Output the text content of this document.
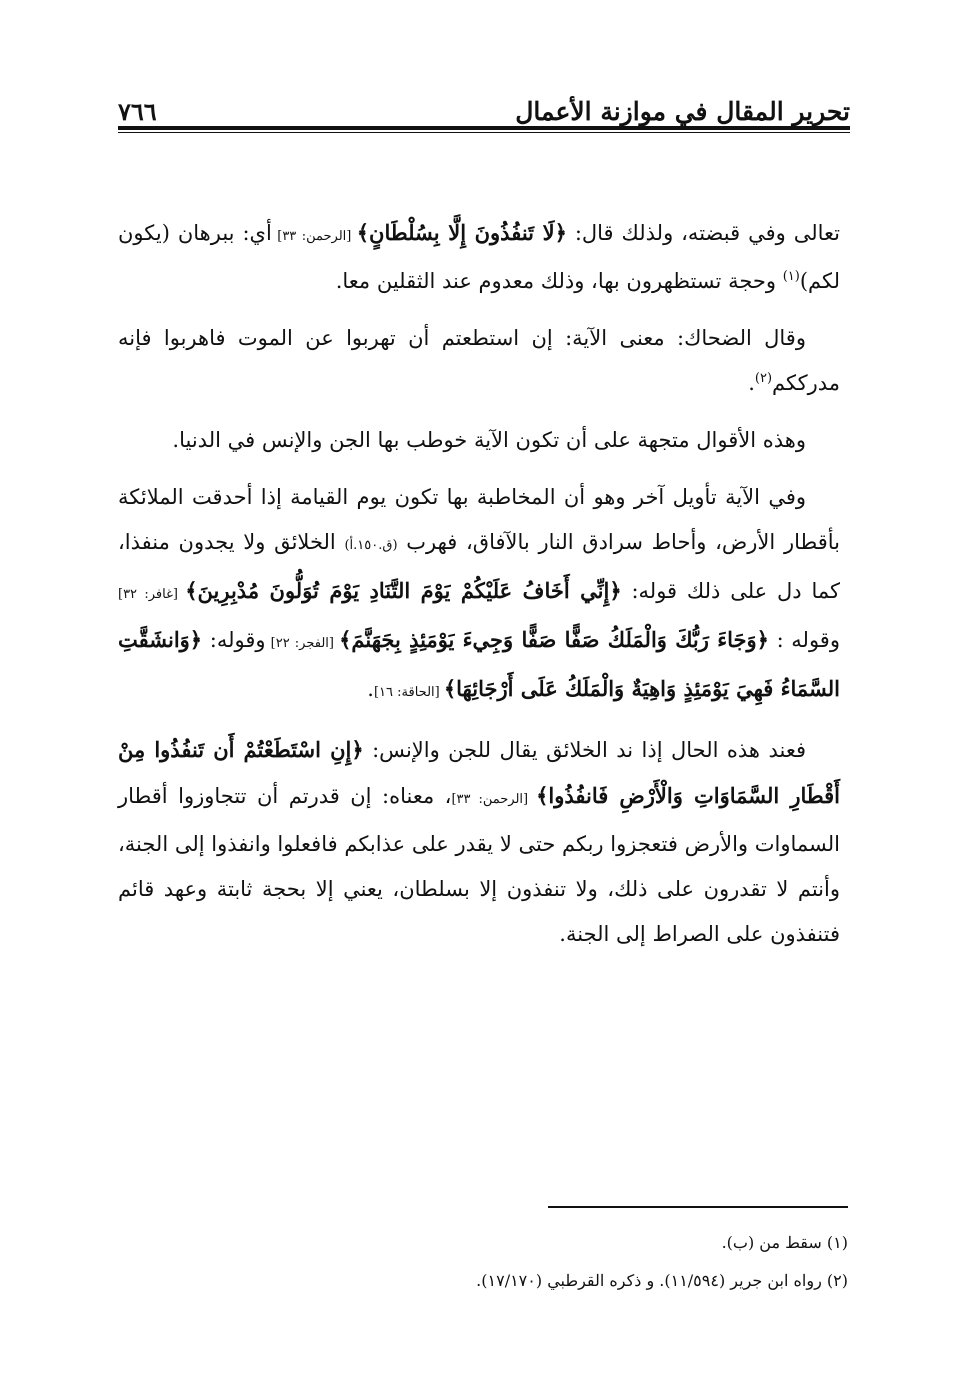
تحرير المقال في موازنة الأعمال
٧٦٦

تعالى وفي قبضته، ولذلك قال: ﴿لَا تَنفُذُونَ إِلَّا بِسُلْطَانٍ﴾ [الرحمن: ٣٣] أي: ببرهان (يكون لكم)$^{(١)}$ وحجة تستظهرون بها، وذلك معدوم عند الثقلين معا.

وقال الضحاك: معنى الآية: إن استطعتم أن تهربوا عن الموت فاهربوا فإنه مدرككم$^{(٢)}$.

وهذه الأقوال متجهة على أن تكون الآية خوطب بها الجن والإنس في الدنيا.

وفي الآية تأويل آخر وهو أن المخاطبة بها تكون يوم القيامة إذا أحدقت الملائكة بأقطار الأرض، وأحاط سرادق النار بالآفاق، فهرب (ق.١٥٠.أ) الخلائق ولا يجدون منفذا، كما دل على ذلك قوله: ﴿إِنِّي أَخَافُ عَلَيْكُمْ يَوْمَ التَّنَادِ يَوْمَ تُوَلُّونَ مُدْبِرِينَ﴾ [غافر: ٣٢] وقوله : ﴿وَجَاءَ رَبُّكَ وَالْمَلَكُ صَفًّا صَفًّا وَجِيءَ يَوْمَئِذٍ بِجَهَنَّمَ﴾ [الفجر: ٢٢] وقوله: ﴿وَانشَقَّتِ السَّمَاءُ فَهِيَ يَوْمَئِذٍ وَاهِيَةٌ وَالْمَلَكُ عَلَى أَرْجَائِهَا﴾ [الحاقة: ١٦].

فعند هذه الحال إذا ند الخلائق يقال للجن والإنس: ﴿إِنِ اسْتَطَعْتُمْ أَن تَنفُذُوا مِنْ أَقْطَارِ السَّمَاوَاتِ وَالْأَرْضِ فَانفُذُوا﴾ [الرحمن: ٣٣]، معناه: إن قدرتم أن تتجاوزوا أقطار السماوات والأرض فتعجزوا ربكم حتى لا يقدر على عذابكم فافعلوا وانفذوا إلى الجنة، وأنتم لا تقدرون على ذلك، ولا تنفذون إلا بسلطان، يعني إلا بحجة ثابتة وعهد قائم فتنفذون على الصراط إلى الجنة.

(١) سقط من (ب).

(٢) رواه ابن جرير (١١/٥٩٤). و ذكره القرطبي (١٧/١٧٠).
